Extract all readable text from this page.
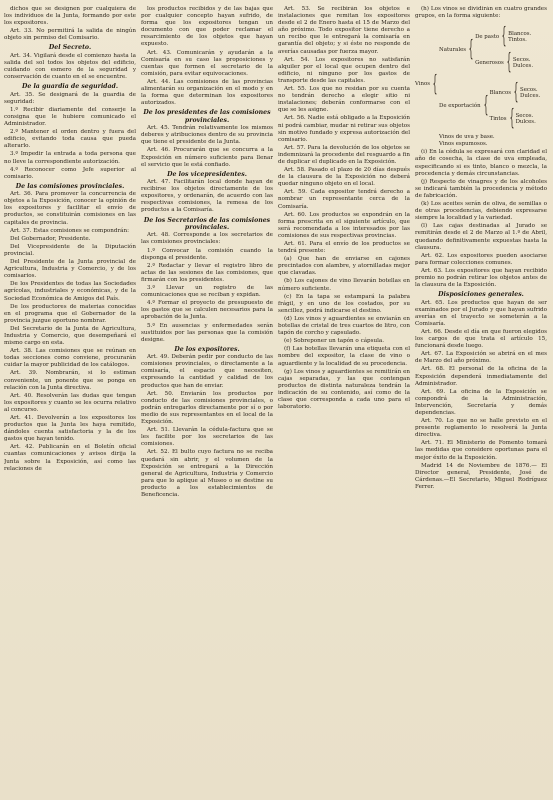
dichos que se designen por cualquiera de los individuos de la Junta, formando por este los expositores.

Art. 33. No permitirá la salida de ningún objeto sin permiso del Comisario.

Del Secreto.

Art. 34. Vigilará desde el comienzo hasta la salida del sol todos los objetos del edificio, cuidando con esmero de la seguridad y conservación de cuanto en el se encuentre.

De la guardia de seguridad.

Art. 35. Se designará de la guardia de seguridad:

1.º Recibir diariamente del conserje la consigna que le hubiere comunicado el Administrador.

2.º Mantener el orden dentro y fuera del edificio, evitando toda causa que pueda alterarlo.

3.º Impedir la entrada a toda persona que no lleve la correspondiente autorización.

4.º Reconocer como Jefe superior al comisario.

De las comisiones provinciales.

Art. 36. Para promover la concurrencia de objetos a la Exposición, conocer la opinión de los expositores y facilitar el envío de productos, se constituirán comisiones en las capitales de provincia.

Art. 37. Estas comisiones se compondrán:

Del Gobernador, Presidente.

Del Vicepresidente de la Diputación provincial.

Del Presidente de la Junta provincial de Agricultura, Industria y Comercio, y de los comisarios.

De los Presidentes de todas las Sociedades agrícolas, industriales y económicas, y de la Sociedad Económica de Amigos del País.

De los productores de materias conocidas en el programa que el Gobernador de la provincia juzgue oportuno nombrar.

Del Secretario de la Junta de Agricultura, Industria y Comercio, que desempeñará el mismo cargo en esta.

Art. 38. Las comisiones que se reúnan en todas secciones como conviene, procurarán cuidar la mayor publicidad de los catálogos.

Art. 39. Nombrarán, si lo estiman conveniente, un ponente que se ponga en relación con la Junta directiva.

Art. 40. Resolverán las dudas que tengan los expositores y cuanto se les ocurra relativo al concurso.

Art. 41. Devolverán a los expositores los productos que la Junta les haya remitido, dándoles cuenta satisfactoria y la de los gastos que hayan tenido.

Art. 42. Publicarán en el Boletín oficial cuantas comunicaciones y avisos dirija la Junta sobre la Exposición, así como las relaciones de

los productos recibidos y de las bajas que por cualquier concepto hayan sufrido, de forma que los expositores tengan un documento con que poder reclamar el resarcimiento de los objetos que hayan expuesto.

Art. 43. Comunicarán y ayudarán a la Comisaría en su caso las proposiciones y cuentas que formen el secretario de la comisión, para evitar equivocaciones.

Art. 44. Las comisiones de las provincias alimentarán su organización en el modo y en la forma que determinan los expositores autorizados.

De los presidentes de las comisiones provinciales.

Art. 45. Tendrán relativamente los mismos deberes y atribuciones dentro de su provincia que tiene el presidente de la Junta.

Art. 46. Procurarán que se concurra a la Exposición en número suficiente para llenar el servicio que le está confiado.

De los vicepresidentes.

Art. 47. Facilitarán local donde hayan de recibirse los objetos directamente de los expositores, y ordenarán, de acuerdo con las respectivas comisiones, la remesa de los productos a la Comisaría.

De los Secretarios de las comisiones provinciales.

Art. 48. Corresponde a los secretarios de las comisiones provinciales:

1.º Convocar la comisión cuando la disponga el presidente.

2.º Redactar y llevar el registro libro de actas de las sesiones de las comisiones, que firmarán con los presidentes.

3.º Llevar un registro de las comunicaciones que se reciban y expidan.

4.º Formar el proyecto de presupuesto de los gastos que se calculen necesarios para la aprobación de la Junta.

5.º En ausencias y enfermedades serán sustituidos por las personas que la comisión designe.

De los expositores.

Art. 49. Deberán pedir por conducto de las comisiones provinciales, o directamente a la comisaría, el espacio que necesiten, expresando la cantidad y calidad de los productos que han de enviar.

Art. 50. Enviarán los productos por conducto de las comisiones provinciales, o podrán entregarlos directamente por sí o por medio de sus representantes en el local de la Exposición.

Art. 51. Llevarán la cédula-factura que se les facilite por los secretarios de las comisiones.

Art. 52. El bulto cuyo factura no se reciba quedará sin abrir, y el volumen de la Exposición se entregará a la Dirección general de Agricultura, Industria y Comercio para que lo aplique al Museo o se destine su producto a los establecimientos de Beneficencia.

Art. 53. Se recibirán los objetos e instalaciones que remitan los expositores desde el 2 de Enero hasta el 15 de Marzo del año próximo. Todo expositor tiene derecho a un recibo que le entregará la comisaría en garantía del objeto; y si éste no responde de averías causadas por fuerza mayor.

Art. 54. Los expositores no satisfarán alquiler por el local que ocupen dentro del edificio, ni ninguno por los gastos de transporte desde las capitales.

Art. 55. Los que no residan por su cuenta no tendrán derecho a elegir sitio ni instalaciones; deberán conformarse con el que se les asigne.

Art. 56. Nadie está obligado a la Exposición ni podrá cambiar, mudar ni retirar sus objetos sin motivo fundado y expresa autorización del comisario.

Art. 57. Para la devolución de los objetos se indemnizará la procedente del resguardo a fin de duplicar el duplicado en la Exposición.

Art. 58. Pasado el plazo de 20 días después de la clausura de la Exposición no deberá quedar ninguno objeto en el local.

Art. 59. Cada expositor tendrá derecho a nombrar un representante cerca de la Comisaría.

Art. 60. Los productos se expondrán en la forma prescrita en el siguiente artículo, que será recomendada a los interesados por las comisiones de sus respectivas provincias.

Art. 61. Para el envío de los productos se tendrá presente:

(a) Que han de enviarse en cajones precintados con alambre, y atornilladas mejor que clavadas.

(b) Los cajones de vino llevarán botellas en número suficiente.

(c) En la tapa se estampará la palabra frágil, y en uno de los costados, por su sencillez, podrá indicarse el destino.

(d) Los vinos y aguardientes se enviarán en botellas de cristal de tres cuartos de litro, con tapón de corcho y capsulado.

(e) Sobreponer un tapón o cápsula.

(f) Las botellas llevarán una etiqueta con el nombre del expositor, la clase de vino o aguardiente y la localidad de su procedencia.

(g) Los vinos y aguardientes se remitirán en cajas separadas, y las que contengan productos de distinta naturaleza tendrán la indicación de su contenido, así como de la clase que corresponda a cada uno para el laboratorio.

(h) Los vinos se dividirán en cuatro grandes grupos, en la forma siguiente:

Vinos {
Naturales {
De pasto { Blancos.
Tintos.
Generosos { Secos.
Dulces.
De exportación {
Blancos { Secos.
Dulces.
Tintos { Secos.
Dulces.
Vinos de uva y base.
Vinos espumosos.

(i) En la cédula se expresará con claridad el año de cosecha, la clase de uva empleada, especificando si es tinto, blanco o mezcla, la procedencia y demás circunstancias.

(j) Respecto de vinagres y de los alcoholes se indicará también la procedencia y método de fabricación.

(k) Los aceites serán de oliva, de semillas o de otras procedencias, debiendo expresarse siempre la localidad y la variedad.

(l) Las cajas destinadas al Jurado se remitirán desde el 2 de Marzo al 1.º de Abril, quedando definitivamente expuestas hasta la clausura.

Art. 62. Los expositores pueden asociarse para formar colecciones comunes.

Art. 63. Los expositores que hayan recibido premio no podrán retirar los objetos antes de la clausura de la Exposición.

Disposiciones generales.

Art. 65. Los productos que hayan de ser examinados por el Jurado y que hayan sufrido averías en el trayecto se someterán a la Comisaría.

Art. 66. Desde el día en que fueron elegidos los cargos de que trata el artículo 15, funcionará desde luego.

Art. 67. La Exposición se abrirá en el mes de Marzo del año próximo.

Art. 68. El personal de la oficina de la Exposición dependerá inmediatamente del Administrador.

Art. 69. La oficina de la Exposición se compondrá de la Administración, Intervención, Secretaría y demás dependencias.

Art. 70. Lo que no se halle previsto en el presente reglamento lo resolverá la Junta directiva.

Art. 71. El Ministerio de Fomento tomará las medidas que considere oportunas para el mejor éxito de la Exposición.

Madrid 14 de Noviembre de 1876.— El Director general, Presidente, José de Cárdenas.—El Secretario, Miguel Rodríguez Ferrer.
